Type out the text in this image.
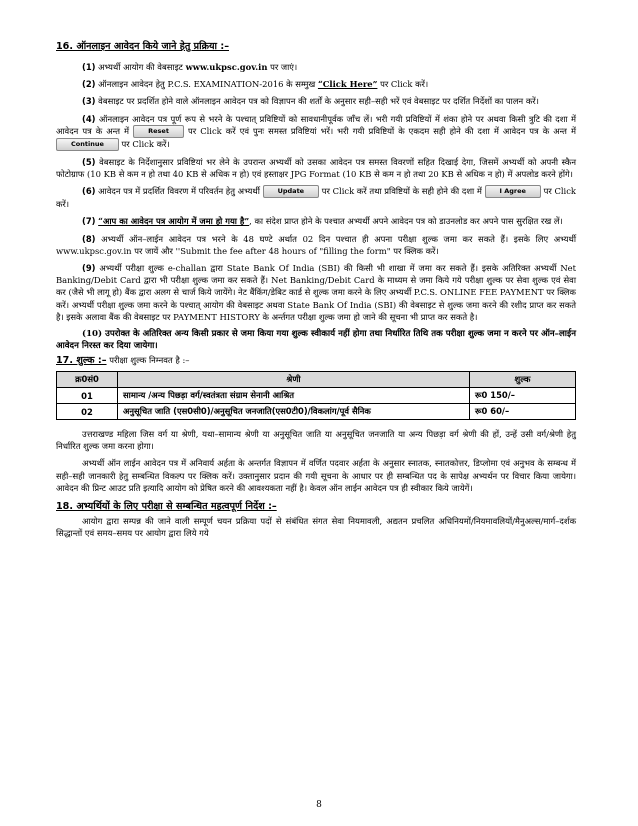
16. ऑनलाइन आवेदन किये जाने हेतु प्रक्रिया :–

(1) अभ्यर्थी आयोग की वेबसाइट www.ukpsc.gov.in पर जाएं।

(2) ऑनलाइन आवेदन हेतु P.C.S. EXAMINATION-2016 के सम्मुख “Click Here” पर Click करें।

(3) वेबसाइट पर प्रदर्शित होने वाले ऑनलाइन आवेदन पत्र को विज्ञापन की शर्तों के अनुसार सही–सही भरें एवं वेबसाइट पर दर्शित निर्देशों का पालन करें।

(4) ऑनलाइन आवेदन पत्र पूर्ण रूप से भरने के पश्चात् प्रविष्टियों को सावधानीपूर्वक जाँच लें। भरी गयी प्रविष्टियों में शंका होने पर अथवा किसी त्रुटि की दशा में आवेदन पत्र के अन्त में Reset पर Click करें एवं पुनः समस्त प्रविष्टियां भरें। भरी गयी प्रविष्टियों के एकदम सही होने की दशा में आवेदन पत्र के अन्त में Continue पर Click करें।

(5) वेबसाइट के निर्देशानुसार प्रविष्टियां भर लेने के उपरान्त अभ्यर्थी को उसका आवेदन पत्र समस्त विवरणों सहित दिखाई देगा, जिसमें अभ्यर्थी को अपनी स्कैन फोटोग्राफ (10 KB से कम न हो तथा 40 KB से अधिक न हो) एवं हस्ताक्षर JPG Format (10 KB से कम न हो तथा 20 KB से अधिक न हो) में अपलोड करने होंगे।

(6) आवेदन पत्र में प्रदर्शित विवरण में परिवर्तन हेतु अभ्यर्थी Update पर Click करें तथा प्रविष्टियों के सही होने की दशा में I Agree पर Click करें।

(7) “आप का आवेदन पत्र आयोग में जमा हो गया है”, का संदेश प्राप्त होने के पश्चात अभ्यर्थी अपने आवेदन पत्र को डाउनलोड कर अपने पास सुरक्षित रख लें।

(8) अभ्यर्थी ऑन–लाईन आवेदन पत्र भरने के 48 घण्टे अर्थात 02 दिन पश्चात ही अपना परीक्षा शुल्क जमा कर सकते हैं। इसके लिए अभ्यर्थी www.ukpsc.gov.in पर जायें और ''Submit the fee after 48 hours of "filling the form" पर क्लिक करें।

(9) अभ्यर्थी परीक्षा शुल्क e-challan द्वारा State Bank Of India (SBI) की किसी भी शाखा में जमा कर सकते हैं। इसके अतिरिक्त अभ्यर्थी Net Banking/Debit Card द्वारा भी परीक्षा शुल्क जमा कर सकते हैं। Net Banking/Debit Card के माध्यम से जमा किये गये परीक्षा शुल्क पर सेवा शुल्क एवं सेवा कर (जैसे भी लागू हो) बैंक द्वारा अलग से चार्ज किये जायेंगे। नेट बैंकिंग/डेबिट कार्ड से शुल्क जमा करने के लिए अभ्यर्थी P.C.S. ONLINE FEE PAYMENT पर क्लिक करें। अभ्यर्थी परीक्षा शुल्क जमा करने के पश्चात् आयोग की वेबसाइट अथवा State Bank Of India (SBI) की वेबसाइट से शुल्क जमा करने की रशीद प्राप्त कर सकते है। इसके अलावा बैंक की वेबसाइट पर PAYMENT HISTORY के अर्न्तगत परीक्षा शुल्क जमा हो जाने की सूचना भी प्राप्त कर सकते है।

(10) उपरोक्त के अतिरिक्त अन्य किसी प्रकार से जमा किया गया शुल्क स्वीकार्य नहीं होगा तथा निर्धारित तिथि तक परीक्षा शुल्क जमा न करने पर ऑन–लाईन आवेदन निरस्त कर दिया जायेगा।

17. शुल्क :– परीक्षा शुल्क निम्नवत है :–

क्र0सं0	श्रेणी	शुल्क
01	सामान्य /अन्य पिछड़ा वर्ग/स्वतंत्रता संग्राम सेनानी आश्रित	रू0 150/–
02	अनुसूचित जाति (एस0सी0)/अनुसूचित जनजाति(एस0टी0)/विकलांग/पूर्व सैनिक	रू0 60/–

उत्तराखण्ड महिला जिस वर्ग या श्रेणी, यथा–सामान्य श्रेणी या अनुसूचित जाति या अनुसूचित जनजाति या अन्य पिछड़ा वर्ग श्रेणी की हों, उन्हें उसी वर्ग/श्रेणी हेतु निर्धारित शुल्क जमा करना होगा।

अभ्यर्थी ऑन लाईन आवेदन पत्र में अनिवार्य अर्हता के अन्तर्गत विज्ञापन में वर्णित पदवार अर्हता के अनुसार स्नातक, स्नातकोत्तर, डिप्लोमा एवं अनुभव के सम्बन्ध में सही–सही जानकारी हेतु सम्बन्धित विकल्प पर क्लिक करें। उक्तानुसार प्रदान की गयी सूचना के आधार पर ही सम्बन्धित पद के सापेक्ष अभ्यर्थन पर विचार किया जायेगा। आवेदन की प्रिन्ट आउट प्रति इत्यादि आयोग को प्रेषित करने की आवश्यकता नहीं है। केवल ऑन लाईन आवेदन पत्र ही स्वीकार किये जायेगें।

18. अभ्यर्थियों के लिए परीक्षा से सम्बन्धित महत्वपूर्ण निर्देश :–

आयोग द्वारा सम्पन्न की जाने वाली सम्पूर्ण चयन प्रक्रिया पदों से संबंधित संगत सेवा नियमावली, अद्यतन प्रचलित अधिनियमों/नियमावलियों/मैनुअल्स/मार्ग–दर्शक सिद्धान्तों एवं समय–समय पर आयोग द्वारा लिये गये

8
